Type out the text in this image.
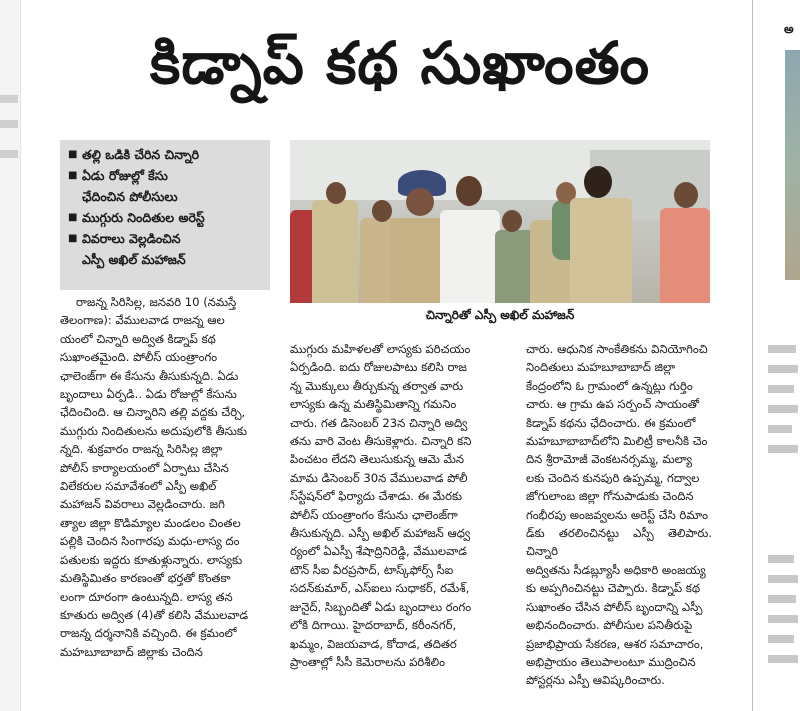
కిడ్నాప్ కథ సుఖాంతం
■ తల్లి ఒడికి చేరిన చిన్నారి
■ ఏడు రోజుల్లో కేసు
ఛేదించిన పోలీసులు
■ ముగ్గురు నిందితుల అరెస్ట్
■ వివరాలు వెల్లడించిన
ఎస్పీ అఖిల్ మహాజన్
చిన్నారితో ఎస్పీ అఖిల్ మహాజన్

రాజన్న సిరిసిల్ల, జనవరి 10 (నమస్తే

తెలంగాణ): వేములవాడ రాజన్న ఆల

యంలో చిన్నారి అద్విత కిడ్నాప్ కథ

సుఖాంతమైంది. పోలీస్ యంత్రాంగం

ఛాలెంజ్‌గా ఈ కేసును తీసుకున్నది. ఏడు

బృందాలు ఏర్పడి.. ఏడు రోజుల్లో కేసును

ఛేదించింది. ఆ చిన్నారిని తల్లి వద్దకు చేర్చి,

ముగ్గురు నిందితులను అదుపులోకి తీసుకు

న్నది. శుక్రవారం రాజన్న సిరిసిల్ల జిల్లా

పోలీస్ కార్యాలయంలో ఏర్పాటు చేసిన

విలేకరుల సమావేశంలో ఎస్పీ అఖిల్

మహాజన్ వివరాలు వెల్లడించారు. జగి

త్యాల జిల్లా కొడిమ్యాల మండలం చింతల

పల్లికి చెందిన సింగారపు మధు-లాస్య దం

పతులకు ఇద్దరు కూతుళ్లున్నారు. లాస్యకు

మతిస్థిమితం కారణంతో భర్తతో కొంతకా

లంగా దూరంగా ఉంటున్నది. లాస్య తన

కూతురు అద్విత (4)తో కలిసి వేములవాడ

రాజన్న దర్శనానికి వచ్చింది. ఈ క్రమంలో

మహబూబాబాద్ జిల్లాకు చెందిన

ముగ్గురు మహిళలతో లాస్యకు పరిచయం

ఏర్పడింది. ఐదు రోజులపాటు కలిసి రాజ

న్న మొక్కులు తీర్చుకున్న తర్వాత వారు

లాస్యకు ఉన్న మతిస్థిమితాన్ని గమనిం

చారు. గత డిసెంబర్ 23న చిన్నారి అద్వి

తను వారి వెంట తీసుకెళ్లారు. చిన్నారి కని

పించటం లేదని తెలుసుకున్న ఆమె మేన

మామ డిసెంబర్ 30న వేములవాడ పోలీ

స్‌స్టేషన్‌లో ఫిర్యాదు చేశాడు. ఈ మేరకు

పోలీస్ యంత్రాంగం కేసును ఛాలెంజ్‌గా

తీసుకున్నది. ఎస్పీ అఖిల్ మహాజన్ ఆధ్వ

ర్యంలో ఏఎస్పీ శేషాద్రినిరెడ్డి, వేములవాడ

టౌన్ సీఐ వీరప్రసాద్, టాస్క్‌ఫోర్స్ సీఐ

సదన్‌కుమార్, ఎస్‌ఐలు సుధాకర్, రమేశ్,

జునైద్, సిబ్బందితో ఏడు బృందాలు రంగం

లోకి దిగాయి. హైదరాబాద్, కరీంనగర్,

ఖమ్మం, విజయవాడ, కోదాడ, తదితర

ప్రాంతాల్లో సీసీ కెమెరాలను పరిశీలిం

చారు. ఆధునిక సాంకేతికను వినియోగించి

నిందితులు మహబూబాబాద్ జిల్లా

కేంద్రంలోని ఓ గ్రామంలో ఉన్నట్లు గుర్తిం

చారు. ఆ గ్రామ ఉప సర్పంచ్ సాయంతో

కిడ్నాప్ కథను ఛేదించారు. ఈ క్రమంలో

మహబూబాబాద్‌లోని మిలిట్రీ కాలనీకి చెం

దిన శ్రీరామోజీ వెంకటనర్సమ్మ, మల్యా

లకు చెందిన కునపురి ఉప్పమ్మ, గద్వాల

జోగులాంబ జిల్లా గోనుపాడుకు చెందిన

గంభీరపు అంజవ్వలను అరెస్ట్ చేసి రిమాం

డ్‌కు తరలించినట్టు ఎస్పీ తెలిపారు. చిన్నారి

అద్వితను సీడబ్ల్యూసీ అధికారి అంజయ్య

కు అప్పగించినట్టు చెప్పారు. కిడ్నాప్ కథ

సుఖాంతం చేసిన పోలీస్ బృందాన్ని ఎస్పీ

అభినందించారు. పోలీసుల పనితీరుపై

ప్రజాభిప్రాయ సేకరణ, ఆశర సమాచారం,

అభిప్రాయం తెలుపాలంటూ ముద్రించిన

పోస్టర్లను ఎస్పీ ఆవిష్కరించారు.

అ
